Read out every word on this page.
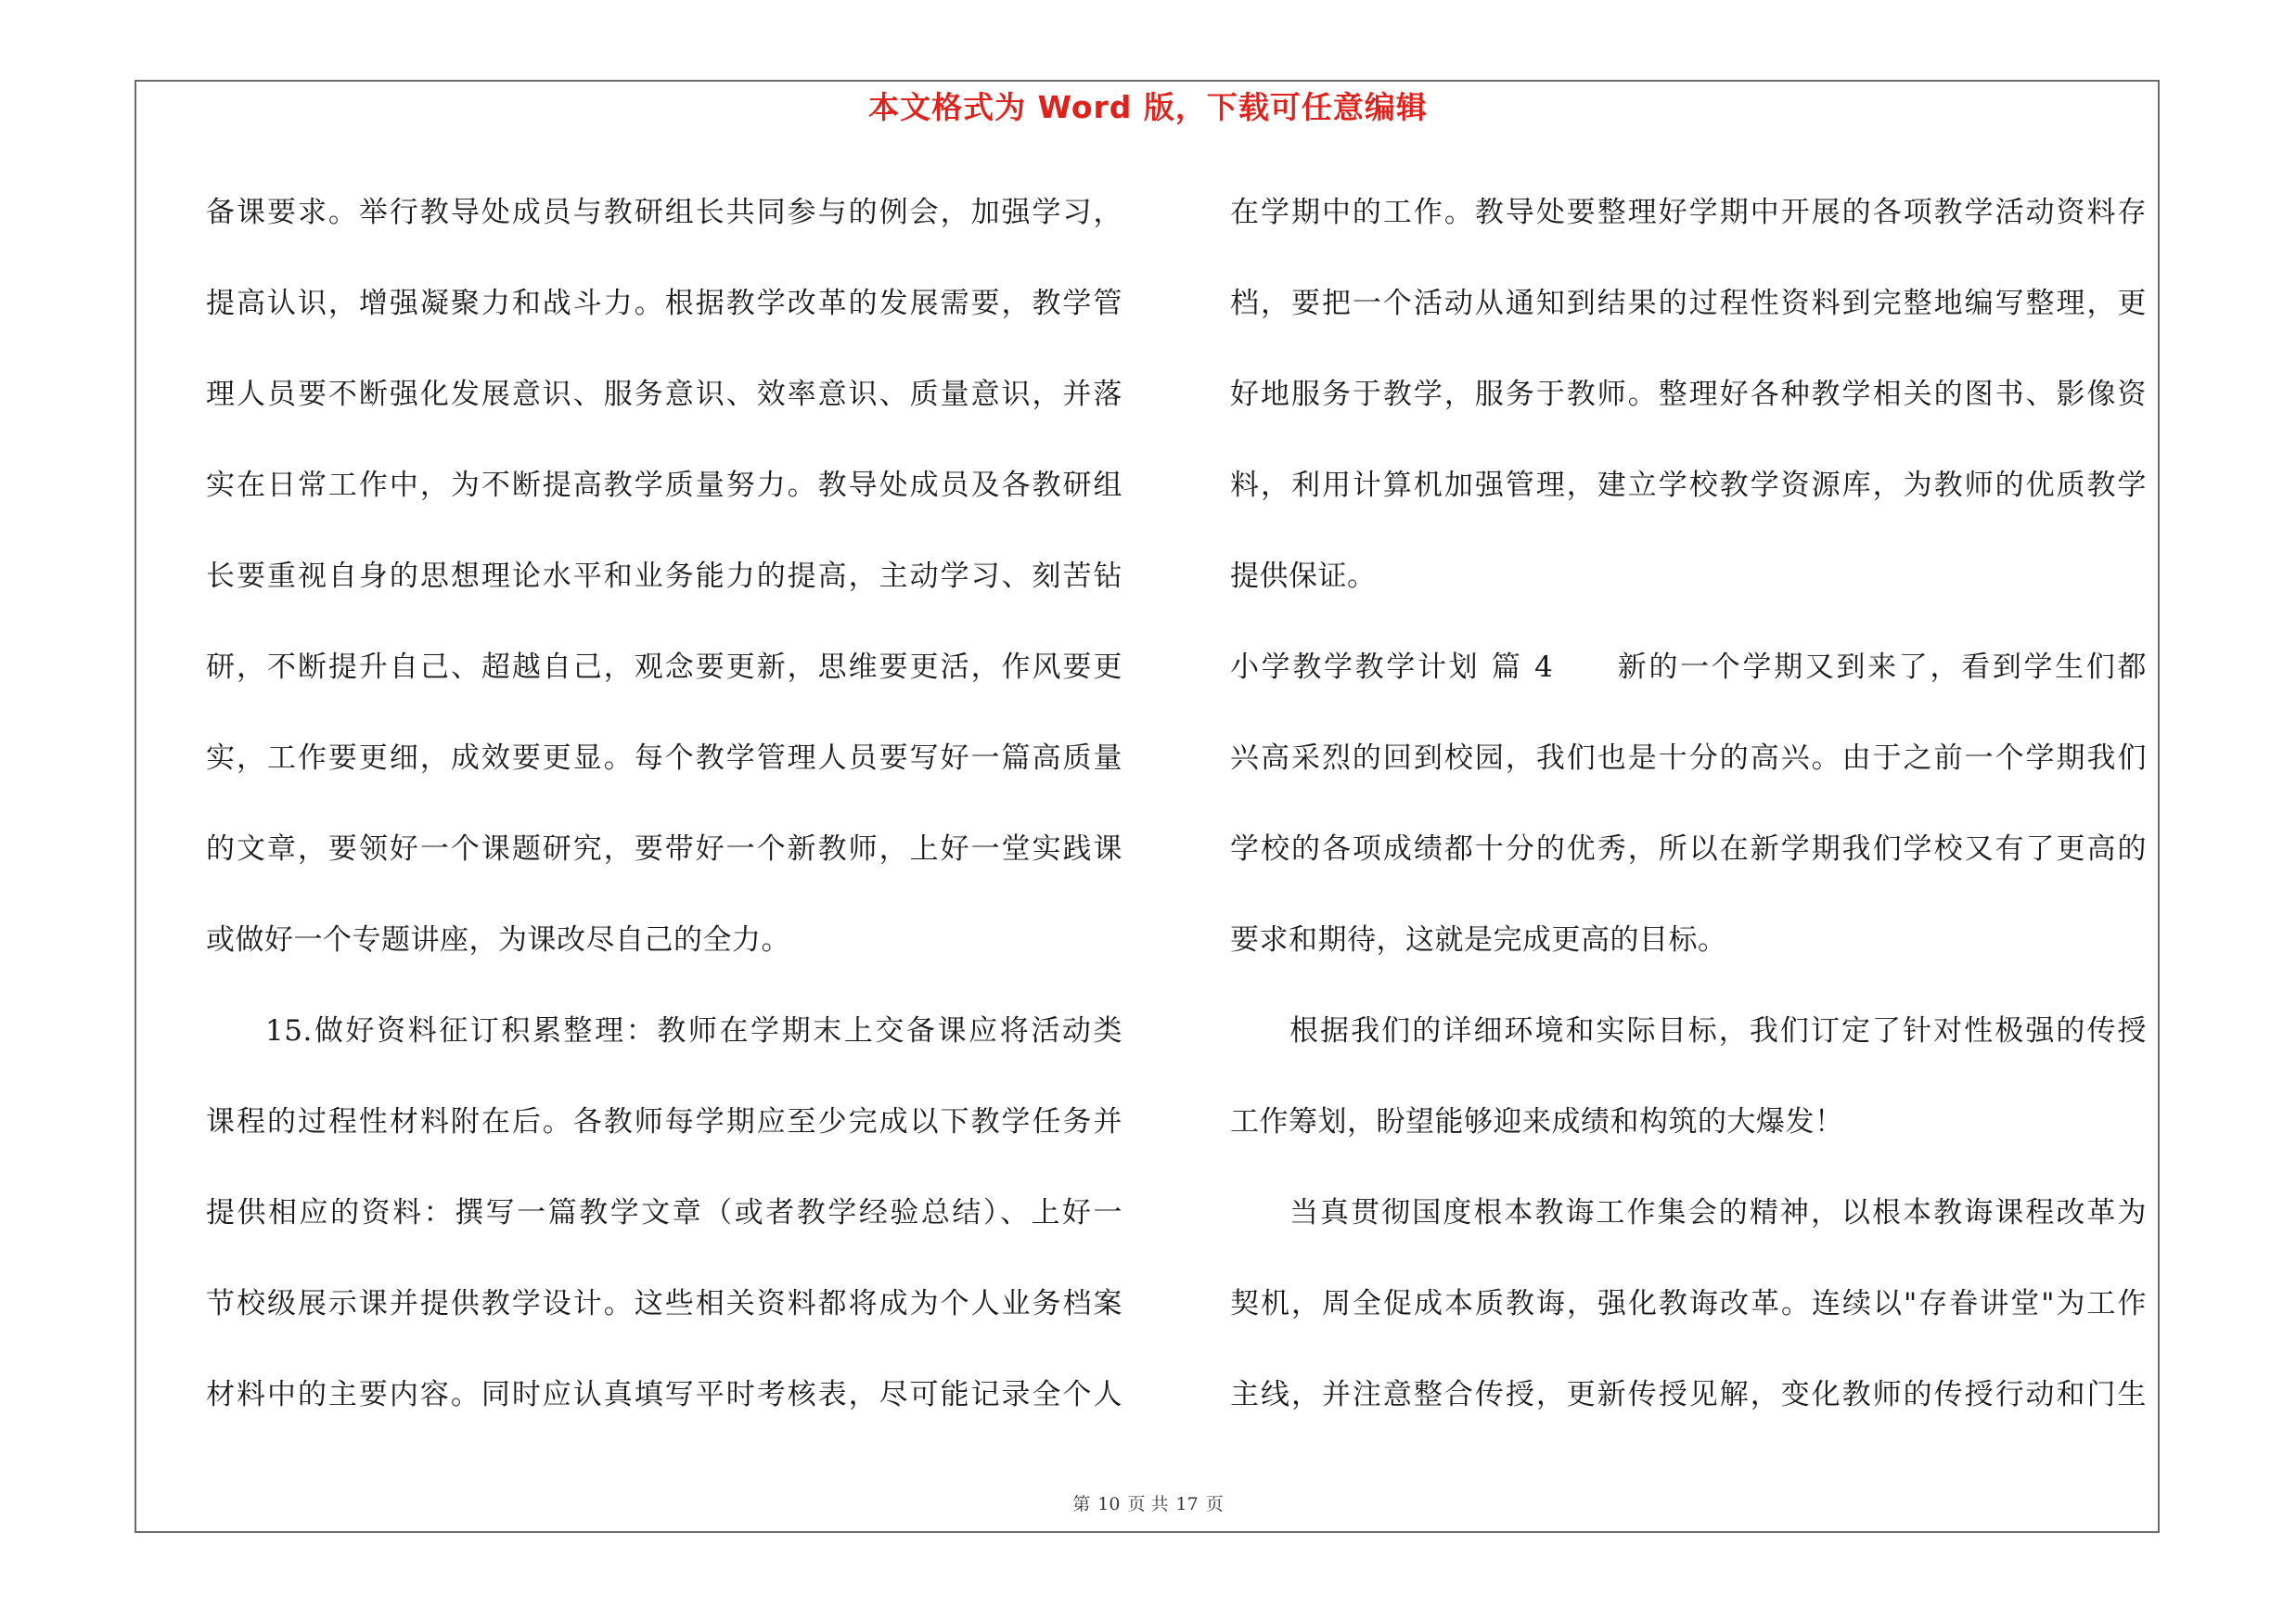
本文格式为 Word 版，下载可任意编辑
备课要求。举行教导处成员与教研组长共同参与的例会，加强学习，
提高认识，增强凝聚力和战斗力。根据教学改革的发展需要，教学管
理人员要不断强化发展意识、服务意识、效率意识、质量意识，并落
实在日常工作中，为不断提高教学质量努力。教导处成员及各教研组
长要重视自身的思想理论水平和业务能力的提高，主动学习、刻苦钻
研，不断提升自己、超越自己，观念要更新，思维要更活，作风要更
实，工作要更细，成效要更显。每个教学管理人员要写好一篇高质量
的文章，要领好一个课题研究，要带好一个新教师，上好一堂实践课
或做好一个专题讲座，为课改尽自己的全力。
15.做好资料征订积累整理：教师在学期末上交备课应将活动类
课程的过程性材料附在后。各教师每学期应至少完成以下教学任务并
提供相应的资料：撰写一篇教学文章（或者教学经验总结）、上好一
节校级展示课并提供教学设计。这些相关资料都将成为个人业务档案
材料中的主要内容。同时应认真填写平时考核表，尽可能记录全个人
在学期中的工作。教导处要整理好学期中开展的各项教学活动资料存
档，要把一个活动从通知到结果的过程性资料到完整地编写整理，更
好地服务于教学，服务于教师。整理好各种教学相关的图书、影像资
料，利用计算机加强管理，建立学校教学资源库，为教师的优质教学
提供保证。
小学教学教学计划 篇 4　　新的一个学期又到来了，看到学生们都
兴高采烈的回到校园，我们也是十分的高兴。由于之前一个学期我们
学校的各项成绩都十分的优秀，所以在新学期我们学校又有了更高的
要求和期待，这就是完成更高的目标。
根据我们的详细环境和实际目标，我们订定了针对性极强的传授
工作筹划，盼望能够迎来成绩和构筑的大爆发！
当真贯彻国度根本教诲工作集会的精神，以根本教诲课程改革为
契机，周全促成本质教诲，强化教诲改革。连续以"存眷讲堂"为工作
主线，并注意整合传授，更新传授见解，变化教师的传授行动和门生
第 10 页 共 17 页
